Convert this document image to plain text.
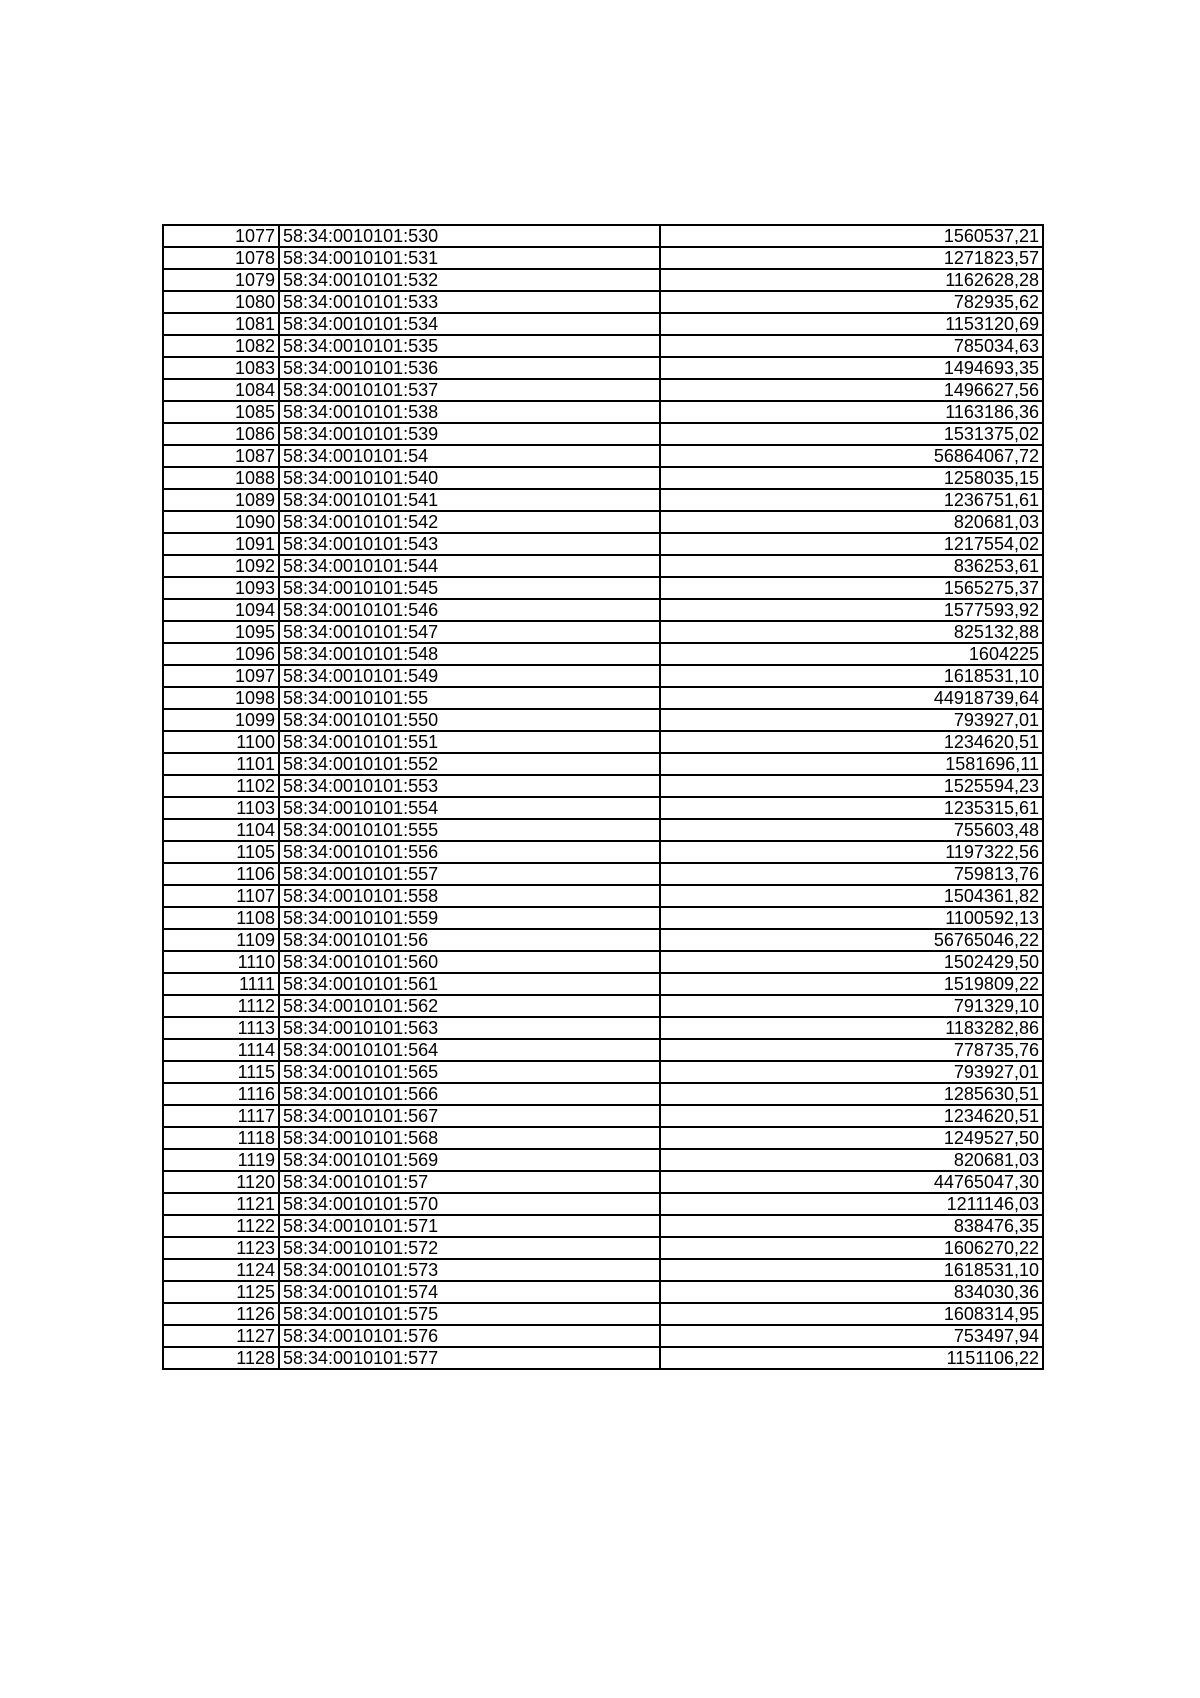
1077	58:34:0010101:530	1560537,21
1078	58:34:0010101:531	1271823,57
1079	58:34:0010101:532	1162628,28
1080	58:34:0010101:533	782935,62
1081	58:34:0010101:534	1153120,69
1082	58:34:0010101:535	785034,63
1083	58:34:0010101:536	1494693,35
1084	58:34:0010101:537	1496627,56
1085	58:34:0010101:538	1163186,36
1086	58:34:0010101:539	1531375,02
1087	58:34:0010101:54	56864067,72
1088	58:34:0010101:540	1258035,15
1089	58:34:0010101:541	1236751,61
1090	58:34:0010101:542	820681,03
1091	58:34:0010101:543	1217554,02
1092	58:34:0010101:544	836253,61
1093	58:34:0010101:545	1565275,37
1094	58:34:0010101:546	1577593,92
1095	58:34:0010101:547	825132,88
1096	58:34:0010101:548	1604225
1097	58:34:0010101:549	1618531,10
1098	58:34:0010101:55	44918739,64
1099	58:34:0010101:550	793927,01
1100	58:34:0010101:551	1234620,51
1101	58:34:0010101:552	1581696,11
1102	58:34:0010101:553	1525594,23
1103	58:34:0010101:554	1235315,61
1104	58:34:0010101:555	755603,48
1105	58:34:0010101:556	1197322,56
1106	58:34:0010101:557	759813,76
1107	58:34:0010101:558	1504361,82
1108	58:34:0010101:559	1100592,13
1109	58:34:0010101:56	56765046,22
1110	58:34:0010101:560	1502429,50
1111	58:34:0010101:561	1519809,22
1112	58:34:0010101:562	791329,10
1113	58:34:0010101:563	1183282,86
1114	58:34:0010101:564	778735,76
1115	58:34:0010101:565	793927,01
1116	58:34:0010101:566	1285630,51
1117	58:34:0010101:567	1234620,51
1118	58:34:0010101:568	1249527,50
1119	58:34:0010101:569	820681,03
1120	58:34:0010101:57	44765047,30
1121	58:34:0010101:570	1211146,03
1122	58:34:0010101:571	838476,35
1123	58:34:0010101:572	1606270,22
1124	58:34:0010101:573	1618531,10
1125	58:34:0010101:574	834030,36
1126	58:34:0010101:575	1608314,95
1127	58:34:0010101:576	753497,94
1128	58:34:0010101:577	1151106,22
